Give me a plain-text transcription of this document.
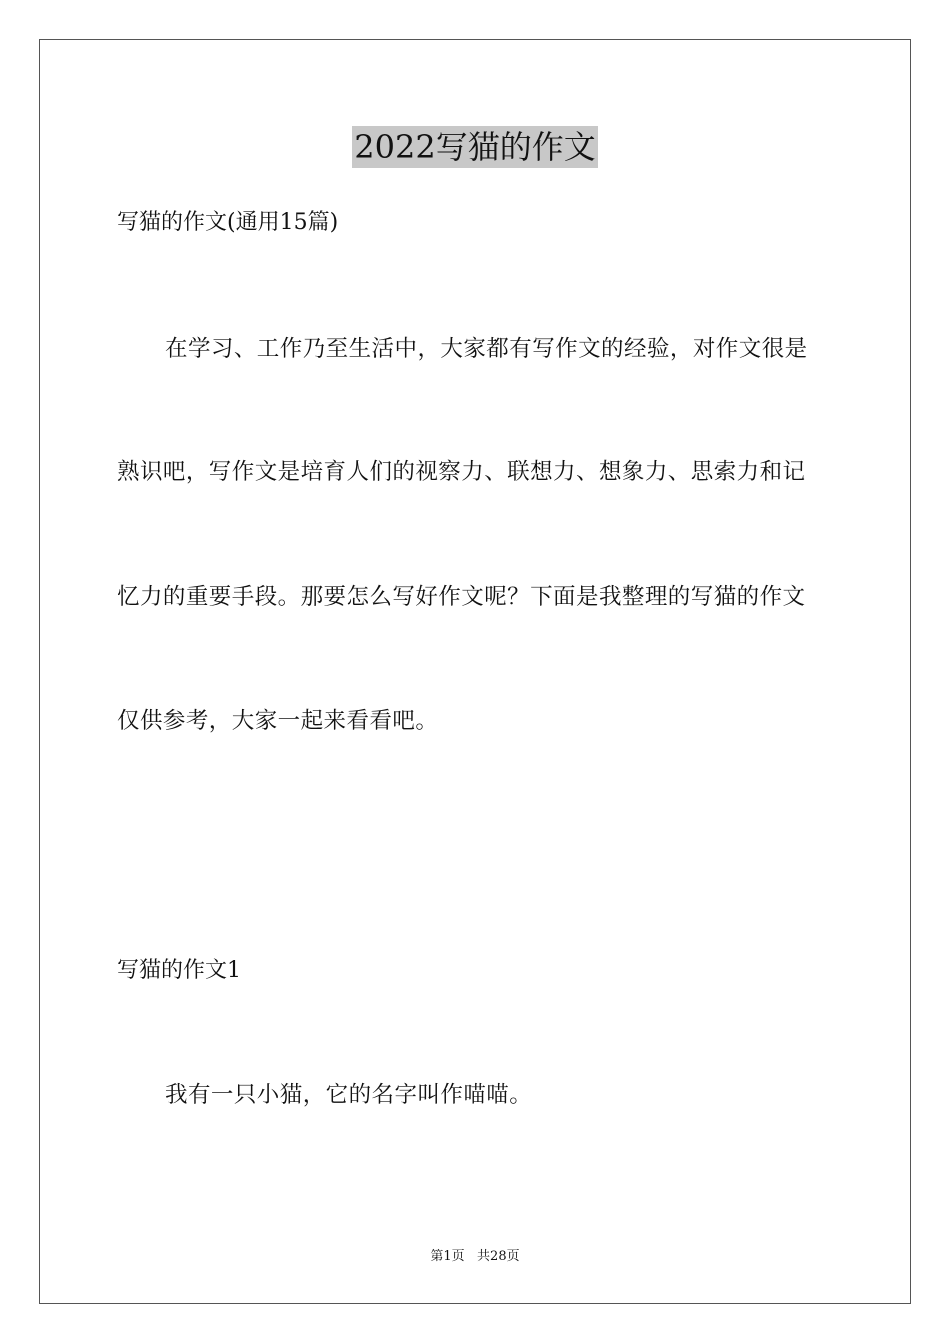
2022写猫的作文
写猫的作文(通用15篇)
在学习、工作乃至生活中，大家都有写作文的经验，对作文很是
熟识吧，写作文是培育人们的视察力、联想力、想象力、思索力和记
忆力的重要手段。那要怎么写好作文呢？下面是我整理的写猫的作文
仅供参考，大家一起来看看吧。
写猫的作文1
我有一只小猫，它的名字叫作喵喵。
第1页   共28页
